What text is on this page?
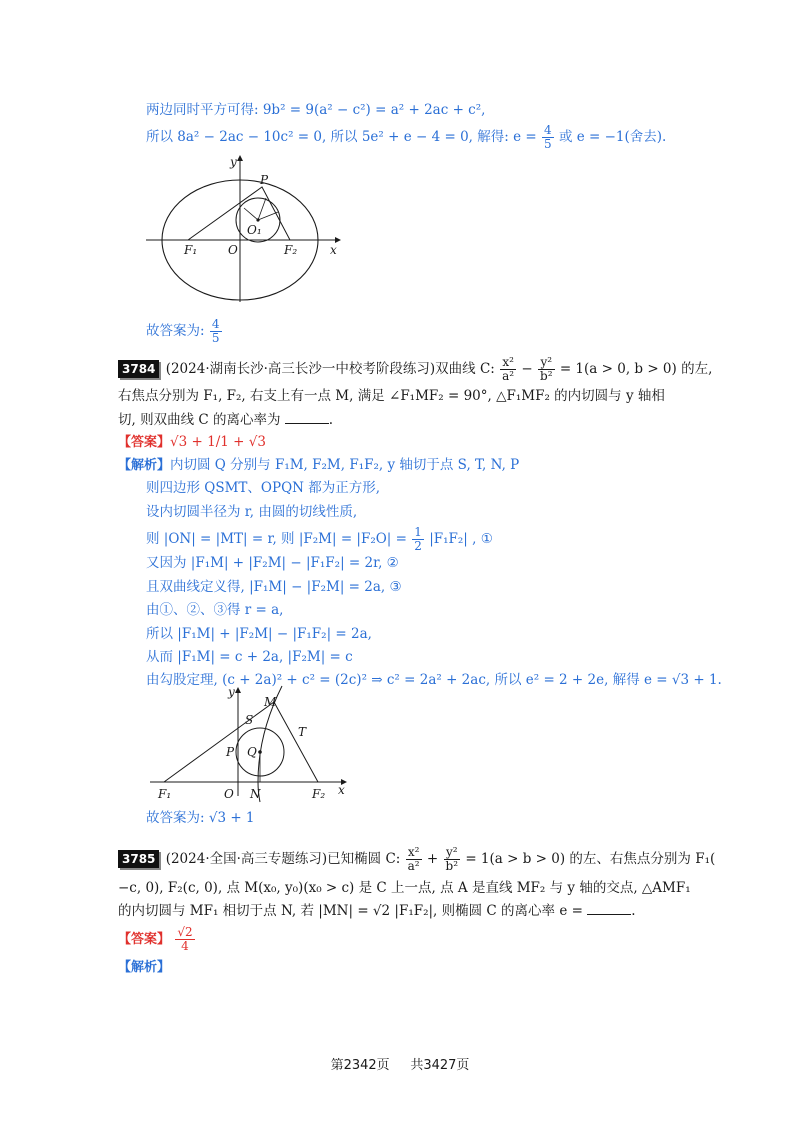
两边同时平方可得: 9b² = 9(a² − c²) = a² + 2ac + c²,
所以 8a² − 2ac − 10c² = 0, 所以 5e² + e − 4 = 0, 解得: $e = \frac{4}{5}$ 或 e = −1(舍去).
y
x
P
O₁
F₁	O	F₂
故答案为: $\frac{4}{5}$
3784 (2024·湖南长沙·高三长沙一中校考阶段练习)双曲线 C: $\frac{\text{x²}}{\text{a²}} - \frac{\text{y²}}{\text{b²}} = 1(a > 0$, b > 0) 的左,
右焦点分别为 F₁, F₂, 右支上有一点 M, 满足 ∠F₁MF₂ = 90°, △F₁MF₂ 的内切圆与 y 轴相
切, 则双曲线 C 的离心率为	.
【答案】√3 + 1/1 + √3
【解析】内切圆 Q 分别与 F₁M, F₂M, F₁F₂, y 轴切于点 S, T, N, P
则四边形 QSMT、OPQN 都为正方形,
设内切圆半径为 r, 由圆的切线性质,
则 |ON| = |MT| = r, 则 $|F_2M| = |F_2O| = \frac{1}{2} |F_1F_2|$ , ①
又因为 |F₁M| + |F₂M| − |F₁F₂| = 2r, ②
且双曲线定义得, |F₁M| − |F₂M| = 2a, ③
由①、②、③得 r = a,
所以 |F₁M| + |F₂M| − |F₁F₂| = 2a,
从而 |F₁M| = c + 2a, |F₂M| = c
由勾股定理, (c + 2a)² + c² = (2c)² ⇒ c² = 2a² + 2ac, 所以 e² = 2 + 2e, 解得 e = √3 + 1.
y
x
M
S
T
P Q
F₁	O N	F₂
故答案为: √3 + 1
3785 (2024·全国·高三专题练习)已知椭圆 C: $\frac{\text{x²}}{\text{a²}} + \frac{\text{y²}}{\text{b²}} = 1(a > b > 0)$ 的左、右焦点分别为 F₁(
−c, 0), F₂(c, 0), 点 M(x₀, y₀)(x₀ > c) 是 C 上一点, 点 A 是直线 MF₂ 与 y 轴的交点, △AMF₁
的内切圆与 MF₁ 相切于点 N, 若 |MN| = √2 |F₁F₂|, 则椭圆 C 的离心率 e =	.
【答案】 $\frac{√2}{4}$
【解析】
第2342页 共3427页
